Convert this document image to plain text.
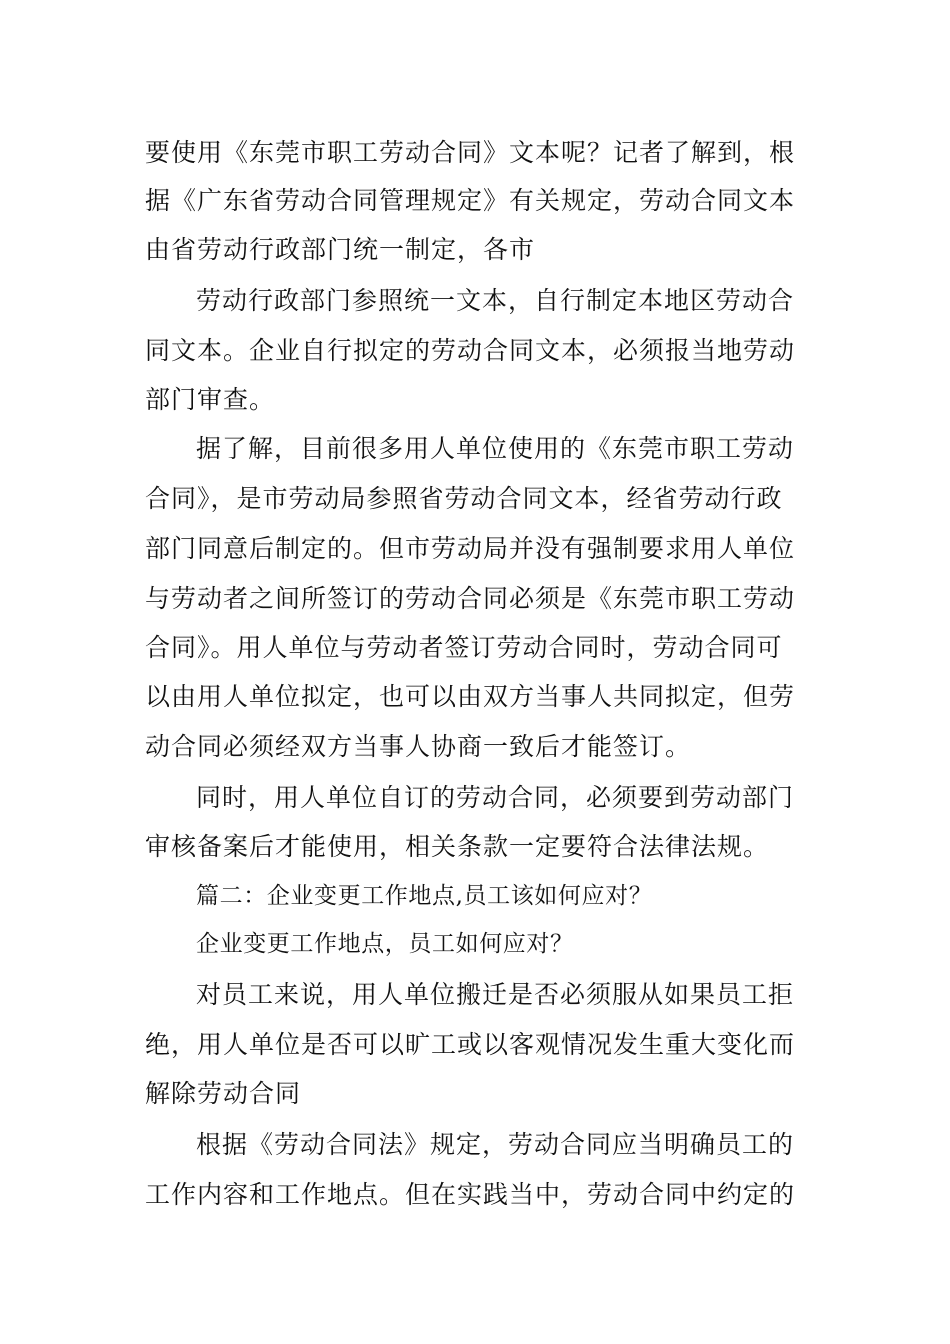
要使用《东莞市职工劳动合同》文本呢？记者了解到，根
据《广东省劳动合同管理规定》有关规定，劳动合同文本
由省劳动行政部门统一制定，各市
劳动行政部门参照统一文本，自行制定本地区劳动合
同文本。企业自行拟定的劳动合同文本，必须报当地劳动
部门审查。
据了解，目前很多用人单位使用的《东莞市职工劳动
合同》，是市劳动局参照省劳动合同文本，经省劳动行政
部门同意后制定的。但市劳动局并没有强制要求用人单位
与劳动者之间所签订的劳动合同必须是《东莞市职工劳动
合同》。用人单位与劳动者签订劳动合同时，劳动合同可
以由用人单位拟定，也可以由双方当事人共同拟定，但劳
动合同必须经双方当事人协商一致后才能签订。
同时，用人单位自订的劳动合同，必须要到劳动部门
审核备案后才能使用，相关条款一定要符合法律法规。
篇二：企业变更工作地点,员工该如何应对？
企业变更工作地点，员工如何应对？
对员工来说，用人单位搬迁是否必须服从如果员工拒
绝，用人单位是否可以旷工或以客观情况发生重大变化而
解除劳动合同
根据《劳动合同法》规定，劳动合同应当明确员工的
工作内容和工作地点。但在实践当中，劳动合同中约定的
